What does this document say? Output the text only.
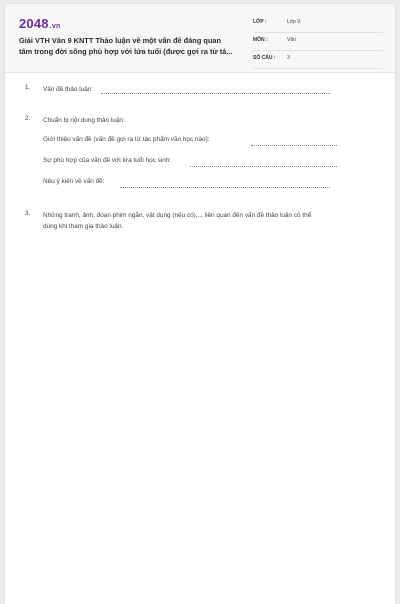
2048.vn
Giải VTH Văn 9 KNTT Thảo luận về một vấn đề đáng quan
tâm trong đời sống phù hợp với lứa tuổi (được gợi ra từ tá...
LỚP :	Lớp 9
MÔN :	Văn
SỐ CÂU : 3
1. Vấn đề thảo luận:
2. Chuẩn bị nội dung thảo luận:
Giới thiệu vấn đề (vấn đề gợi ra từ tác phẩm văn học nào):
Sự phù hợp của vấn đề với lứa tuổi học sinh:
Nêu ý kiến về vấn đề:
3. Những tranh, ảnh, đoạn phim ngắn, vật dụng (nếu có),... liên quan đến vấn đề thảo luận có thể
dùng khi tham gia thảo luận.
